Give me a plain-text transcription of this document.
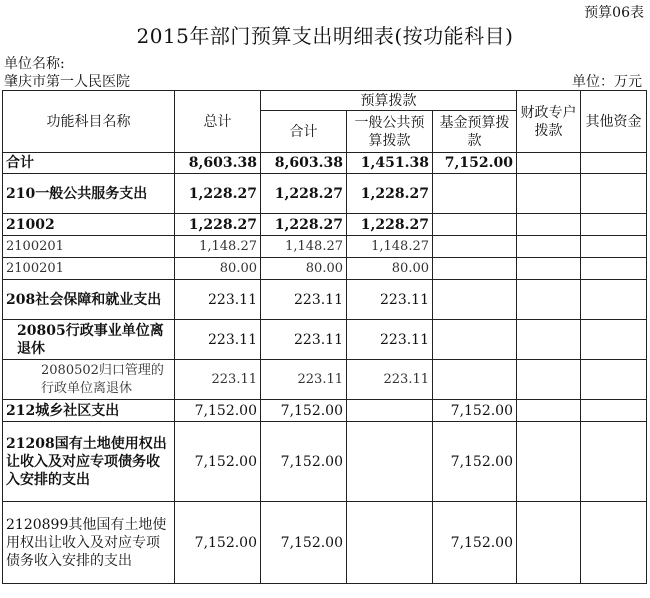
预算06表
2015年部门预算支出明细表(按功能科目)
单位名称:
肇庆市第一人民医院	单位：万元
功能科目名称	总计	预算拨款			财政专户拨款	其他资金
		合计	一般公共预算拨款	基金预算拨款		
合计	8,603.38	8,603.38	1,451.38	7,152.00		
210一般公共服务支出	1,228.27	1,228.27	1,228.27			
21002	1,228.27	1,228.27	1,228.27			
2100201	1,148.27	1,148.27	1,148.27			
2100201	80.00	80.00	80.00			
208社会保障和就业支出	223.11	223.11	223.11			
20805行政事业单位离退休	223.11	223.11	223.11			
2080502归口管理的行政单位离退休	223.11	223.11	223.11			
212城乡社区支出	7,152.00	7,152.00		7,152.00		
21208国有土地使用权出让收入及对应专项债务收入安排的支出	7,152.00	7,152.00		7,152.00		
2120899其他国有土地使用权出让收入及对应专项债务收入安排的支出	7,152.00	7,152.00		7,152.00		
